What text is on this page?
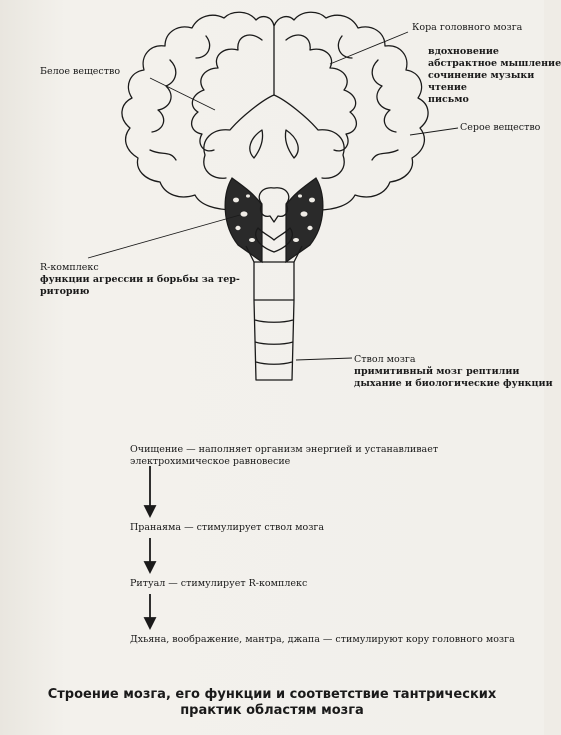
Кора головного мозга
вдохновение
абстрактное мышление
сочинение музыки
чтение
письмо
Белое вещество
Серое вещество
R-комплекс
функции агрессии и борьбы за тер-
риторию
Ствол мозга
примитивный мозг рептилии
дыхание и биологические функции
Очищение — наполняет организм энергией и устанавливает
электрохимическое равновесие
Пранаяма — стимулирует ствол мозга
Ритуал — стимулирует R-комплекс
Дхьяна, воображение, мантра, джапа — стимулируют кору головного мозга
Строение мозга, его функции и соответствие тантрических
практик областям мозга
